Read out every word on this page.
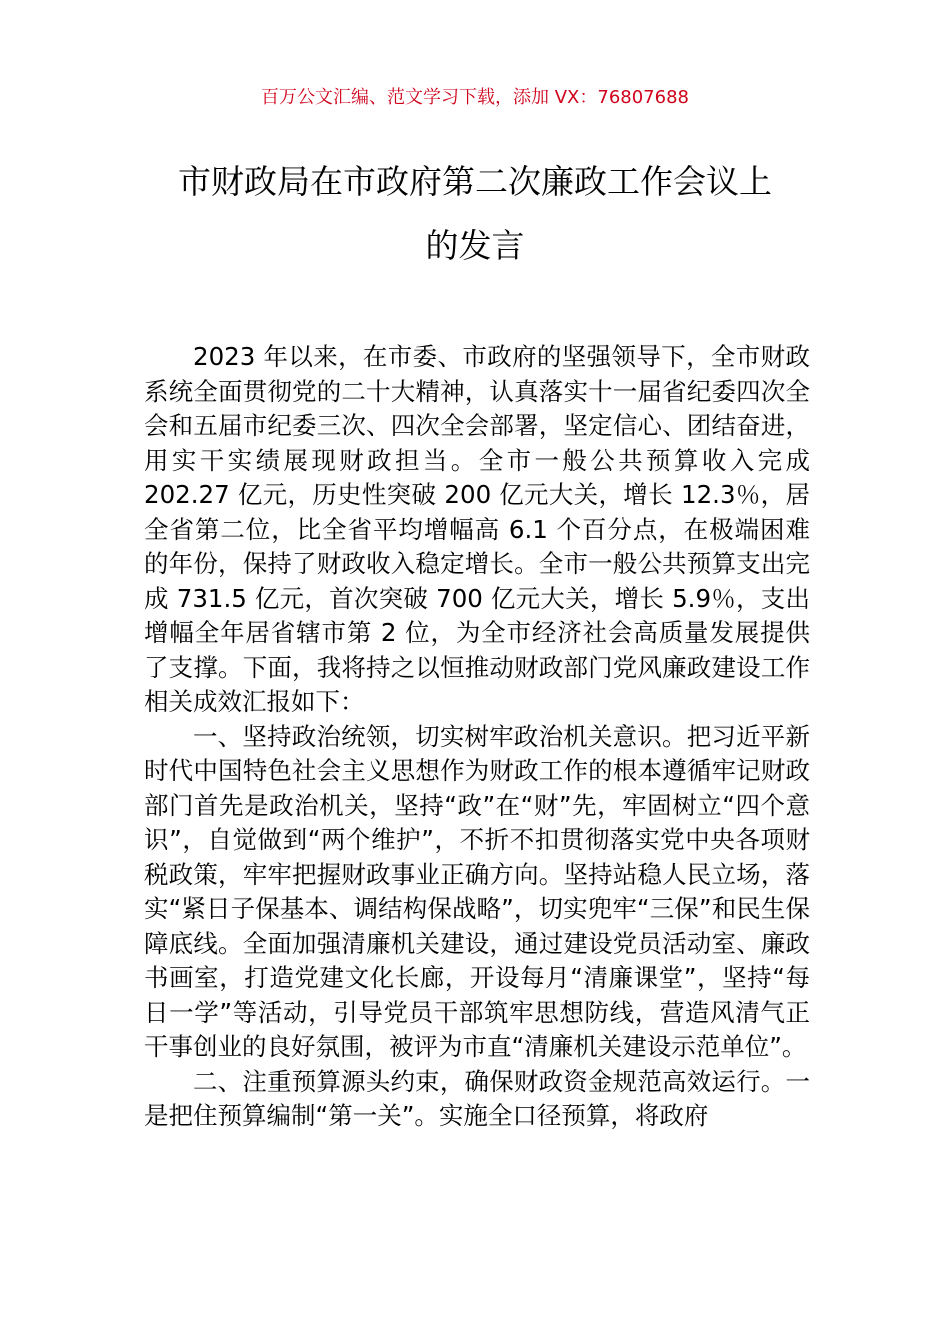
百万公文汇编、范文学习下载，添加 VX：76807688
市财政局在市政府第二次廉政工作会议上
的发言

2023 年以来，在市委、市政府的坚强领导下，全市财政系统全面贯彻党的二十大精神，认真落实十一届省纪委四次全会和五届市纪委三次、四次全会部署，坚定信心、团结奋进，用实干实绩展现财政担当。全市一般公共预算收入完成 202.27 亿元，历史性突破 200 亿元大关，增长 12.3％，居全省第二位，比全省平均增幅高 6.1 个百分点，在极端困难的年份，保持了财政收入稳定增长。全市一般公共预算支出完成 731.5 亿元，首次突破 700 亿元大关，增长 5.9％，支出增幅全年居省辖市第 2 位，为全市经济社会高质量发展提供了支撑。下面，我将持之以恒推动财政部门党风廉政建设工作相关成效汇报如下：

一、坚持政治统领，切实树牢政治机关意识。把习近平新时代中国特色社会主义思想作为财政工作的根本遵循牢记财政部门首先是政治机关，坚持“政”在“财”先，牢固树立“四个意识”，自觉做到“两个维护”，不折不扣贯彻落实党中央各项财税政策，牢牢把握财政事业正确方向。坚持站稳人民立场，落实“紧日子保基本、调结构保战略”，切实兜牢“三保”和民生保障底线。全面加强清廉机关建设，通过建设党员活动室、廉政书画室，打造党建文化长廊，开设每月“清廉课堂”，坚持“每日一学”等活动，引导党员干部筑牢思想防线，营造风清气正干事创业的良好氛围，被评为市直“清廉机关建设示范单位”。

二、注重预算源头约束，确保财政资金规范高效运行。一是把住预算编制“第一关”。实施全口径预算，将政府
